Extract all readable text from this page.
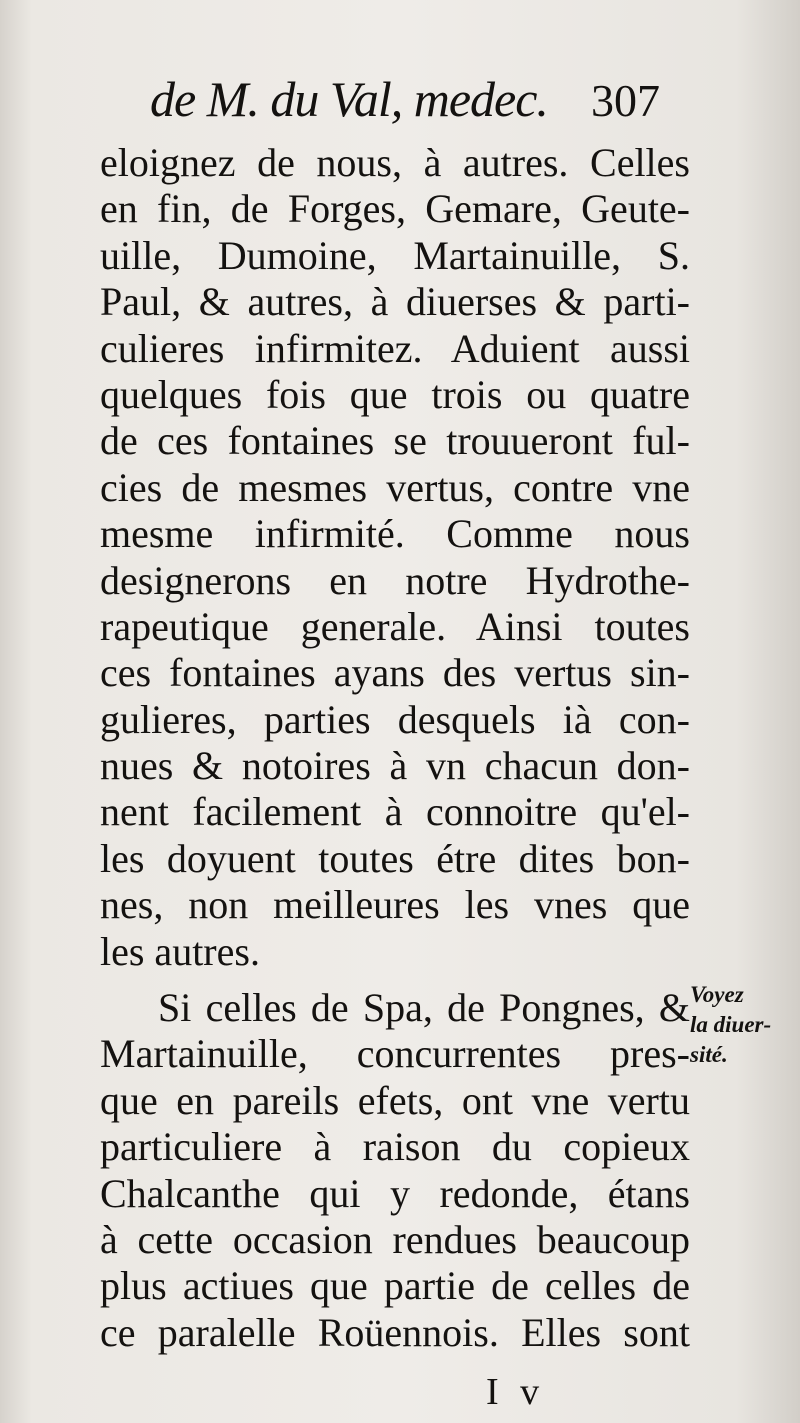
de M. du Val, medec. 307
eloignez de nous, à autres. Celles
en fin, de Forges, Gemare, Geute-
uille, Dumoine, Martainuille, S.
Paul, & autres, à diuerses & parti-
culieres infirmitez. Aduient aussi
quelques fois que trois ou quatre
de ces fontaines se trouueront ful-
cies de mesmes vertus, contre vne
mesme infirmité. Comme nous
designerons en notre Hydrothe-
rapeutique generale. Ainsi toutes
ces fontaines ayans des vertus sin-
gulieres, parties desquels ià con-
nues & notoires à vn chacun don-
nent facilement à connoitre qu'el-
les doyuent toutes étre dites bon-
nes, non meilleures les vnes que
les autres.
Si celles de Spa, de Pongnes, &
Martainuille, concurrentes pres-
que en pareils efets, ont vne vertu
particuliere à raison du copieux
Chalcanthe qui y redonde, étans
à cette occasion rendues beaucoup
plus actiues que partie de celles de
ce paralelle Roüennois. Elles sont
Voyez
la diuer-
sité.
I v
